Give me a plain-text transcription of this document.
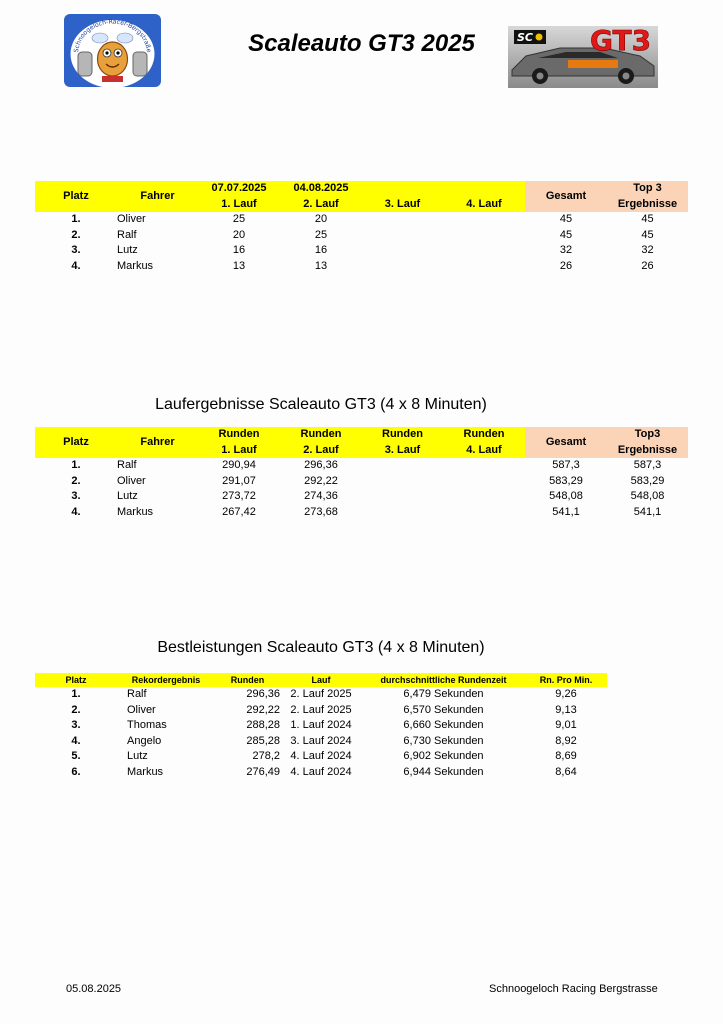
Schnoogeloch-Racer-Bergstraße	Scaleauto GT3 2025	SC GT3
Platz	Fahrer	07.07.2025	04.08.2025			Gesamt	Top 3
		1. Lauf	2. Lauf	3. Lauf	4. Lauf		Ergebnisse
1.	Oliver	25	20			45	45
2.	Ralf	20	25			45	45
3.	Lutz	16	16			32	32
4.	Markus	13	13			26	26
Laufergebnisse Scaleauto GT3 (4 x 8 Minuten)
Platz	Fahrer	Runden	Runden	Runden	Runden	Gesamt	Top3
		1. Lauf	2. Lauf	3. Lauf	4. Lauf		Ergebnisse
1.	Ralf	290,94	296,36			587,3	587,3
2.	Oliver	291,07	292,22			583,29	583,29
3.	Lutz	273,72	274,36			548,08	548,08
4.	Markus	267,42	273,68			541,1	541,1
Bestleistungen Scaleauto GT3 (4 x 8 Minuten)
Platz	Rekordergebnis	Runden	Lauf	durchschnittliche Rundenzeit	Rn. Pro Min.
1.	Ralf	296,36	2. Lauf 2025	6,479 Sekunden	9,26
2.	Oliver	292,22	2. Lauf 2025	6,570 Sekunden	9,13
3.	Thomas	288,28	1. Lauf 2024	6,660 Sekunden	9,01
4.	Angelo	285,28	3. Lauf 2024	6,730 Sekunden	8,92
5.	Lutz	278,2	4. Lauf 2024	6,902 Sekunden	8,69
6.	Markus	276,49	4. Lauf 2024	6,944 Sekunden	8,64
05.08.2025	Schnoogeloch Racing Bergstrasse
